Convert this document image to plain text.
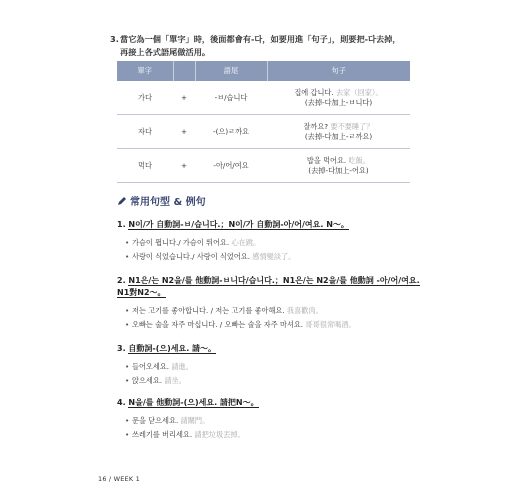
3.當它為一個「單字」時，後面都會有-다，如要用進「句子」，則要把-다去掉，
再接上各式語尾做活用。
單字		語尾	句子
가다	+	-ㅂ/습니다	집에 갑니다. 去家（回家）。
(去掉-다加上-ㅂ니다)
자다	+	-(으)ㄹ까요	잘까요? 要不要睡了？
(去掉-다加上-ㄹ까요)
먹다	+	-아/어/여요	밥을 먹어요. 吃飯。
(去掉-다加上-어요)
常用句型 & 例句
1. N이/가 自動詞-ㅂ/습니다.；N이/가 自動詞-아/어/여요. N～。
• 가슴이 뜁니다./ 가슴이 뛰어요. 心在跳。
• 사랑이 식었습니다./ 사랑이 식었어요. 感情變淡了。
2. N1은/는 N2을/를 他動詞-ㅂ니다/습니다.；N1은/는 N2을/를 他動詞 -아/어/여요.
N1對N2～。
• 저는 고기를 좋아합니다. / 저는 고기를 좋아해요. 我喜歡肉。
• 오빠는 술을 자주 마십니다. / 오빠는 술을 자주 마셔요. 哥哥很常喝酒。
3. 自動詞-(으)세요. 請～。
• 들어오세요. 請進。
• 앉으세요. 請坐。
4. N을/를 他動詞-(으)세요. 請把N～。
• 문을 닫으세요. 請關門。
• 쓰레기를 버리세요. 請把垃圾丟掉。
16 / WEEK 1
